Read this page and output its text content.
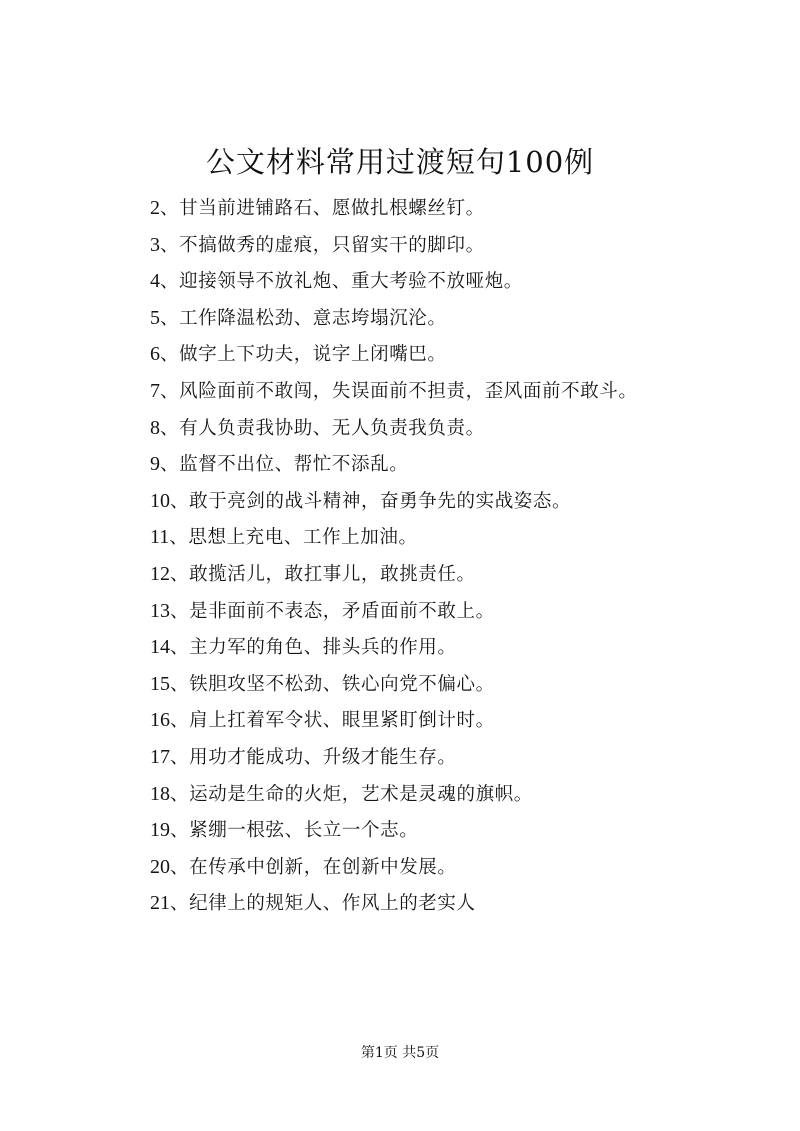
公文材料常用过渡短句100例
2、甘当前进铺路石、愿做扎根螺丝钉。
3、不搞做秀的虚痕，只留实干的脚印。
4、迎接领导不放礼炮、重大考验不放哑炮。
5、工作降温松劲、意志垮塌沉沦。
6、做字上下功夫，说字上闭嘴巴。
7、风险面前不敢闯，失误面前不担责，歪风面前不敢斗。
8、有人负责我协助、无人负责我负责。
9、监督不出位、帮忙不添乱。
10、敢于亮剑的战斗精神，奋勇争先的实战姿态。
11、思想上充电、工作上加油。
12、敢揽活儿，敢扛事儿，敢挑责任。
13、是非面前不表态，矛盾面前不敢上。
14、主力军的角色、排头兵的作用。
15、铁胆攻坚不松劲、铁心向党不偏心。
16、肩上扛着军令状、眼里紧盯倒计时。
17、用功才能成功、升级才能生存。
18、运动是生命的火炬，艺术是灵魂的旗帜。
19、紧绷一根弦、长立一个志。
20、在传承中创新，在创新中发展。
21、纪律上的规矩人、作风上的老实人
第1页 共5页
